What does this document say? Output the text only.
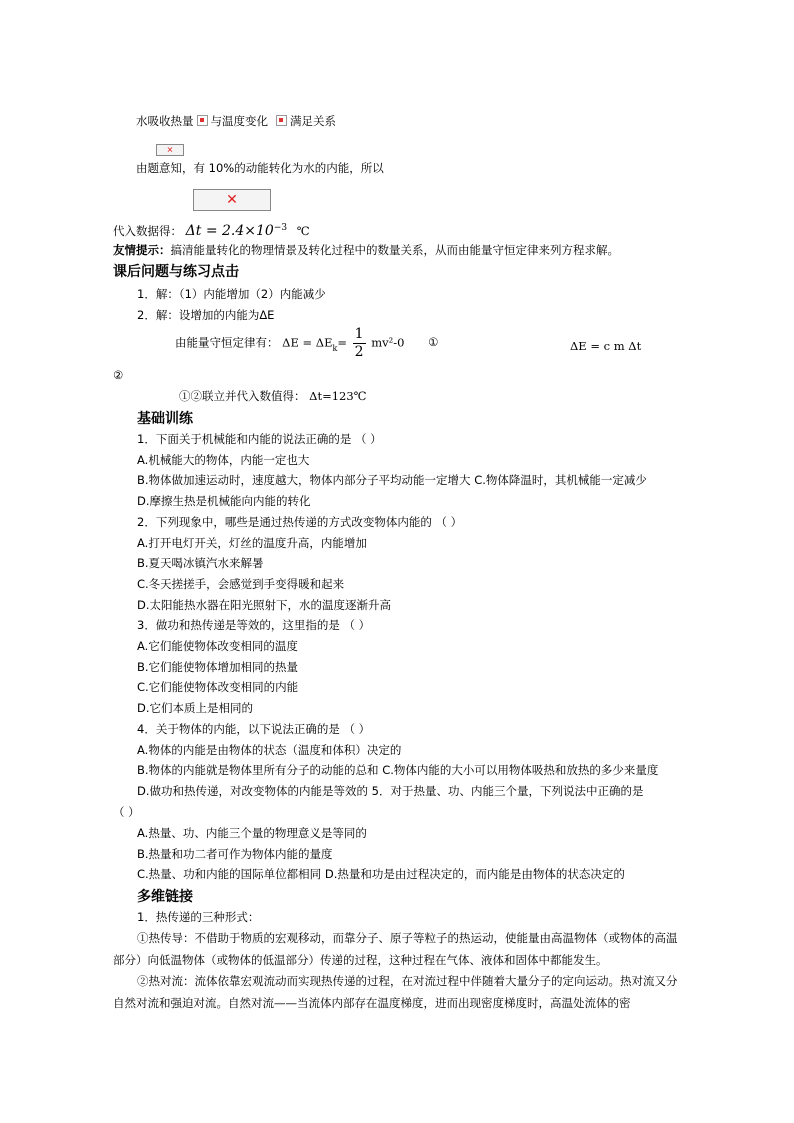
水吸收热量 与温度变化 满足关系
✕
由题意知，有 10%的动能转化为水的内能，所以
✕
代入数据得： $\Delta t = 2.4\times 10^{-3}$ ℃
友情提示：搞清能量转化的物理情景及转化过程中的数量关系，从而由能量守恒定律来列方程求解。
课后问题与练习点击
1．解：（1）内能增加（2）内能减少
2．解：设增加的内能为ΔE
由能量守恒定律有： $\Delta E = \Delta E_k= \frac{1}{2} mv^2-0$ ①	ΔE = c m Δt
②
①②联立并代入数值得： Δt=123℃
基础训练
1．下面关于机械能和内能的说法正确的是 （ ）
A.机械能大的物体，内能一定也大
B.物体做加速运动时，速度越大，物体内部分子平均动能一定增大 C.物体降温时，其机械能一定减少
D.摩擦生热是机械能向内能的转化
2．下列现象中，哪些是通过热传递的方式改变物体内能的 （ ）
A.打开电灯开关，灯丝的温度升高，内能增加
B.夏天喝冰镇汽水来解暑
C.冬天搓搓手，会感觉到手变得暖和起来
D.太阳能热水器在阳光照射下，水的温度逐渐升高
3．做功和热传递是等效的，这里指的是 （ ）
A.它们能使物体改变相同的温度
B.它们能使物体增加相同的热量
C.它们能使物体改变相同的内能
D.它们本质上是相同的
4．关于物体的内能，以下说法正确的是 （ ）
A.物体的内能是由物体的状态（温度和体积）决定的
B.物体的内能就是物体里所有分子的动能的总和 C.物体内能的大小可以用物体吸热和放热的多少来量度
D.做功和热传递，对改变物体的内能是等效的 5．对于热量、功、内能三个量，下列说法中正确的是
A.热量、功、内能三个量的物理意义是等同的
B.热量和功二者可作为物体内能的量度
C.热量、功和内能的国际单位都相同 D.热量和功是由过程决定的，而内能是由物体的状态决定的
（ ）
多维链接
1．热传递的三种形式：
①热传导：不借助于物质的宏观移动，而靠分子、原子等粒子的热运动，使能量由高温物体（或物体的高温部分）向低温物体（或物体的低温部分）传递的过程，这种过程在气体、液体和固体中都能发生。
②热对流：流体依靠宏观流动而实现热传递的过程，在对流过程中伴随着大量分子的定向运动。热对流又分自然对流和强迫对流。自然对流——当流体内部存在温度梯度，进而出现密度梯度时，高温处流体的密
